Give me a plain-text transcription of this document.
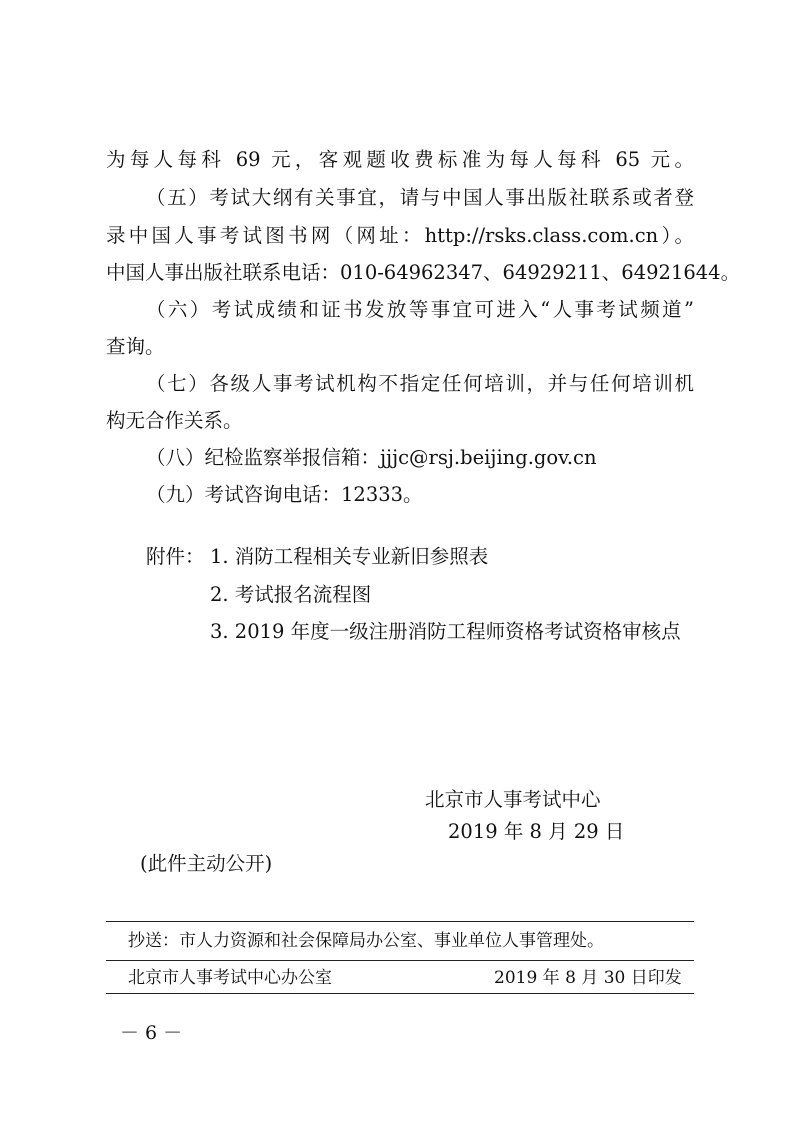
为每人每科 69 元，客观题收费标准为每人每科 65 元。
（五）考试大纲有关事宜，请与中国人事出版社联系或者登
录中国人事考试图书网（网址：http://rsks.class.com.cn）。
中国人事出版社联系电话：010-64962347、64929211、64921644。
（六）考试成绩和证书发放等事宜可进入“人事考试频道”
查询。
（七）各级人事考试机构不指定任何培训，并与任何培训机
构无合作关系。
（八）纪检监察举报信箱：jjjc@rsj.beijing.gov.cn
（九）考试咨询电话：12333。
附件： 1. 消防工程相关专业新旧参照表
2. 考试报名流程图
3. 2019 年度一级注册消防工程师资格考试资格审核点
北京市人事考试中心
2019 年 8 月 29 日
(此件主动公开)
抄送：市人力资源和社会保障局办公室、事业单位人事管理处。
北京市人事考试中心办公室	2019 年 8 月 30 日印发
－6－
